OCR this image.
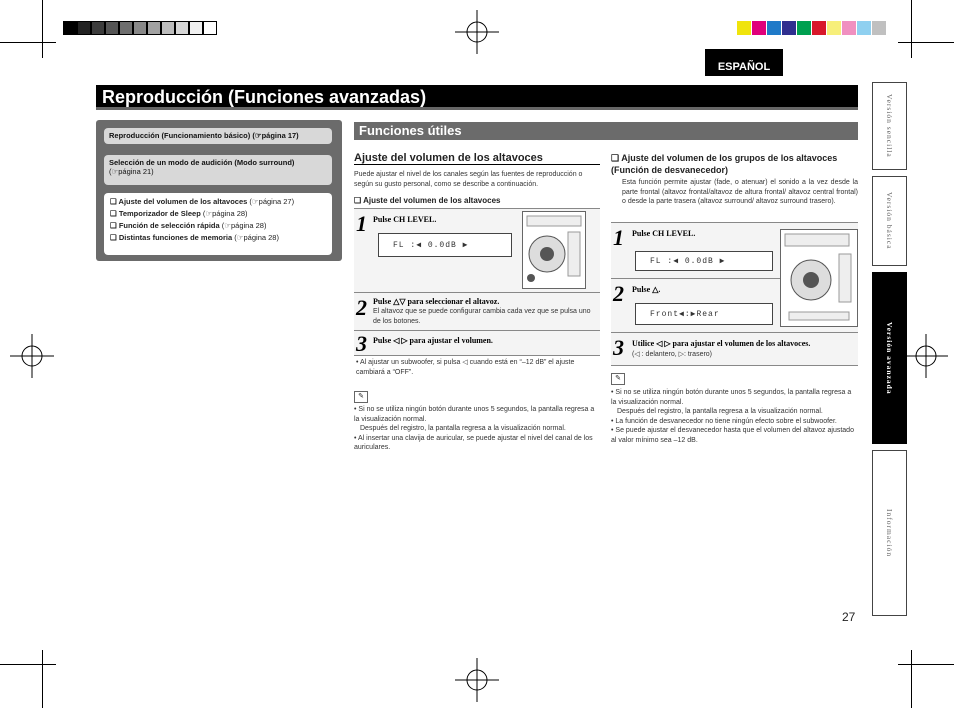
ESPAÑOL
Reproducción (Funciones avanzadas)
Reproducción (Funcionamiento básico) (☞página 17)
Selección de un modo de audición (Modo surround)
(☞página 21)
❑ Ajuste del volumen de los altavoces (☞página 27)
❑ Temporizador de Sleep (☞página 28)
❑ Función de selección rápida (☞página 28)
❑ Distintas funciones de memoria (☞página 28)
Funciones útiles
Ajuste del volumen de los altavoces
Puede ajustar el nivel de los canales según las fuentes de reproducción o según su gusto personal, como se describe a continuación.
❑ Ajuste del volumen de los altavoces
1 Pulse CH LEVEL.
FL :◀ 0.0dB ▶
2 Pulse △▽ para seleccionar el altavoz.
El altavoz que se puede configurar cambia cada vez que se pulsa uno de los botones.
3 Pulse ◁ ▷ para ajustar el volumen.
• Al ajustar un subwoofer, si pulsa ◁ cuando está en “–12 dB” el ajuste cambiará a “OFF”.
✎
• Si no se utiliza ningún botón durante unos 5 segundos, la pantalla regresa a la visualización normal.
Después del registro, la pantalla regresa a la visualización normal.
• Al insertar una clavija de auricular, se puede ajustar el nivel del canal de los auriculares.
❑ Ajuste del volumen de los grupos de los altavoces (Función de desvanecedor)
Esta función permite ajustar (fade, o atenuar) el sonido a la vez desde la parte frontal (altavoz frontal/altavoz de altura frontal/ altavoz central frontal) o desde la parte trasera (altavoz surround/ altavoz surround trasero).
1 Pulse CH LEVEL.
FL :◀ 0.0dB ▶
2 Pulse △.
Front◀:▶Rear
3 Utilice ◁ ▷ para ajustar el volumen de los altavoces.
(◁ : delantero, ▷: trasero)
✎
• Si no se utiliza ningún botón durante unos 5 segundos, la pantalla regresa a la visualización normal.
Después del registro, la pantalla regresa a la visualización normal.
• La función de desvanecedor no tiene ningún efecto sobre el subwoofer.
• Se puede ajustar el desvanecedor hasta que el volumen del altavoz ajustado al valor mínimo sea –12 dB.
Versión sencilla
Versión básica
Versión avanzada
Información
27
